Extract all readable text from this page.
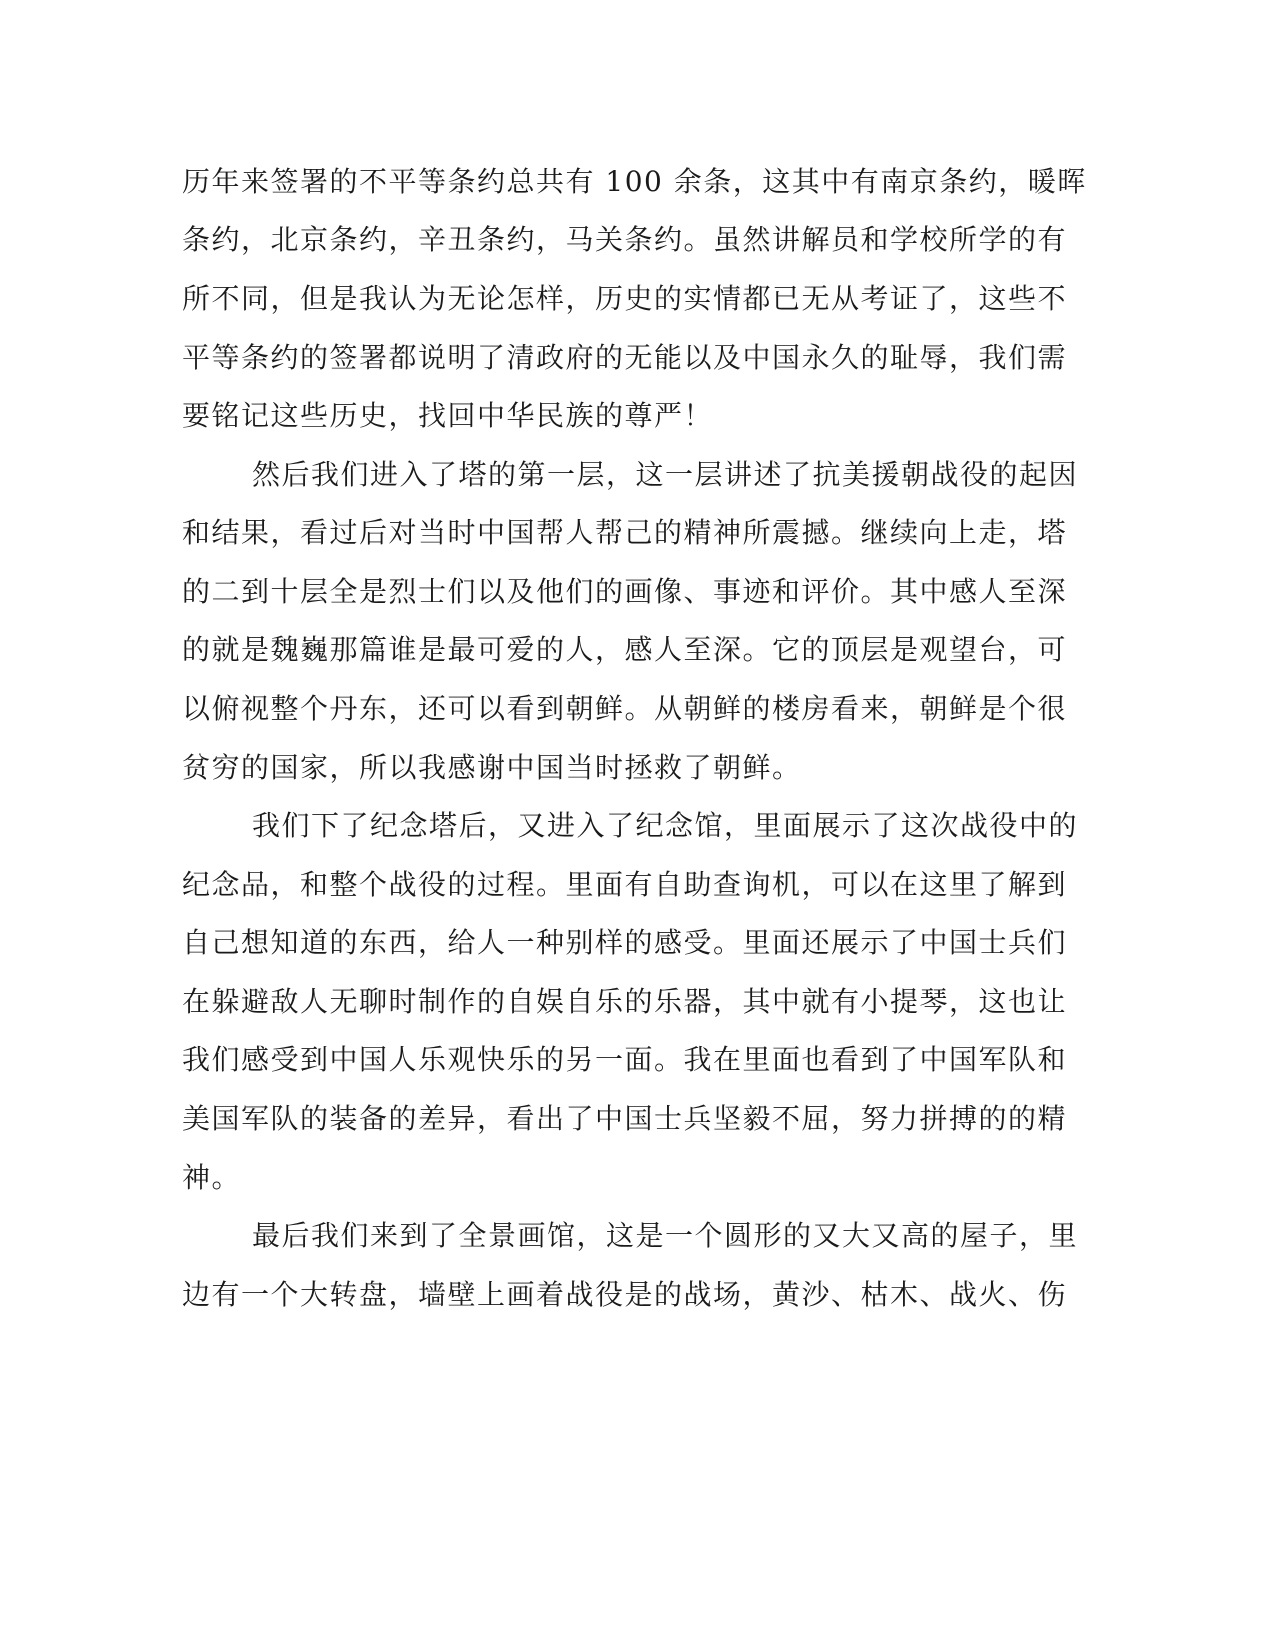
历年来签署的不平等条约总共有 100 余条，这其中有南京条约，暖晖
条约，北京条约，辛丑条约，马关条约。虽然讲解员和学校所学的有
所不同，但是我认为无论怎样，历史的实情都已无从考证了，这些不
平等条约的签署都说明了清政府的无能以及中国永久的耻辱，我们需
要铭记这些历史，找回中华民族的尊严！
然后我们进入了塔的第一层，这一层讲述了抗美援朝战役的起因
和结果，看过后对当时中国帮人帮己的精神所震撼。继续向上走，塔
的二到十层全是烈士们以及他们的画像、事迹和评价。其中感人至深
的就是魏巍那篇谁是最可爱的人，感人至深。它的顶层是观望台，可
以俯视整个丹东，还可以看到朝鲜。从朝鲜的楼房看来，朝鲜是个很
贫穷的国家，所以我感谢中国当时拯救了朝鲜。
我们下了纪念塔后，又进入了纪念馆，里面展示了这次战役中的
纪念品，和整个战役的过程。里面有自助查询机，可以在这里了解到
自己想知道的东西，给人一种别样的感受。里面还展示了中国士兵们
在躲避敌人无聊时制作的自娱自乐的乐器，其中就有小提琴，这也让
我们感受到中国人乐观快乐的另一面。我在里面也看到了中国军队和
美国军队的装备的差异，看出了中国士兵坚毅不屈，努力拼搏的的精
神。
最后我们来到了全景画馆，这是一个圆形的又大又高的屋子，里
边有一个大转盘，墙壁上画着战役是的战场，黄沙、枯木、战火、伤
